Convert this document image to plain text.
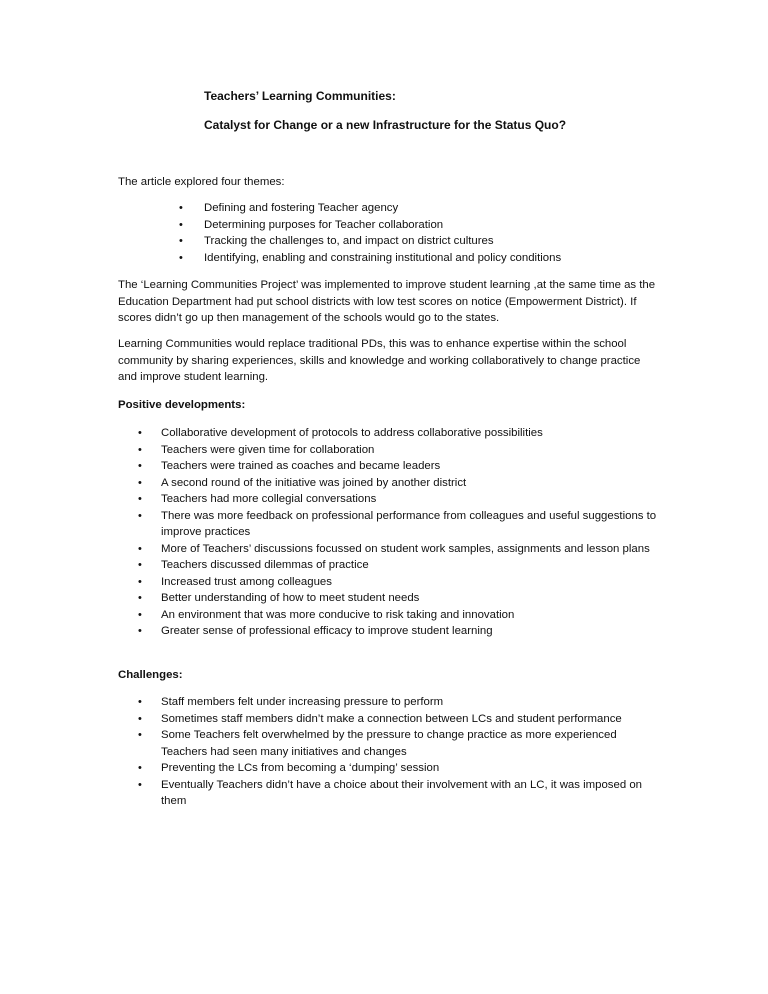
Teachers’ Learning Communities:
Catalyst for Change or a new Infrastructure for the Status Quo?

The article explored four themes:

• Defining and fostering Teacher agency
• Determining purposes for Teacher collaboration
• Tracking the challenges to, and impact on district cultures
• Identifying, enabling and constraining institutional and policy conditions

The ‘Learning Communities Project’ was implemented to improve student learning ,at the same time as the Education Department had put school districts with low test scores on notice (Empowerment District). If scores didn’t go up then management of the schools would go to the states.

Learning Communities would replace traditional PDs, this was to enhance expertise within the school community by sharing experiences, skills and knowledge and working collaboratively to change practice and improve student learning.

Positive developments:

• Collaborative development of protocols to address collaborative possibilities
• Teachers were given time for collaboration
• Teachers were trained as coaches and became leaders
• A second round of the initiative was joined by another district
• Teachers had more collegial conversations
• There was more feedback on professional performance from colleagues and useful suggestions to improve practices
• More of Teachers’ discussions focussed on student work samples, assignments and lesson plans
• Teachers discussed dilemmas of practice
• Increased trust among colleagues
• Better understanding of how to meet student needs
• An environment that was more conducive to risk taking and innovation
• Greater sense of professional efficacy to improve student learning

Challenges:

• Staff members felt under increasing pressure to perform
• Sometimes staff members didn’t make a connection between LCs and student performance
• Some Teachers felt overwhelmed by the pressure to change practice as more experienced Teachers had seen many initiatives and changes
• Preventing the LCs from becoming a ‘dumping’ session
• Eventually Teachers didn’t have a choice about their involvement with an LC, it was imposed on them
